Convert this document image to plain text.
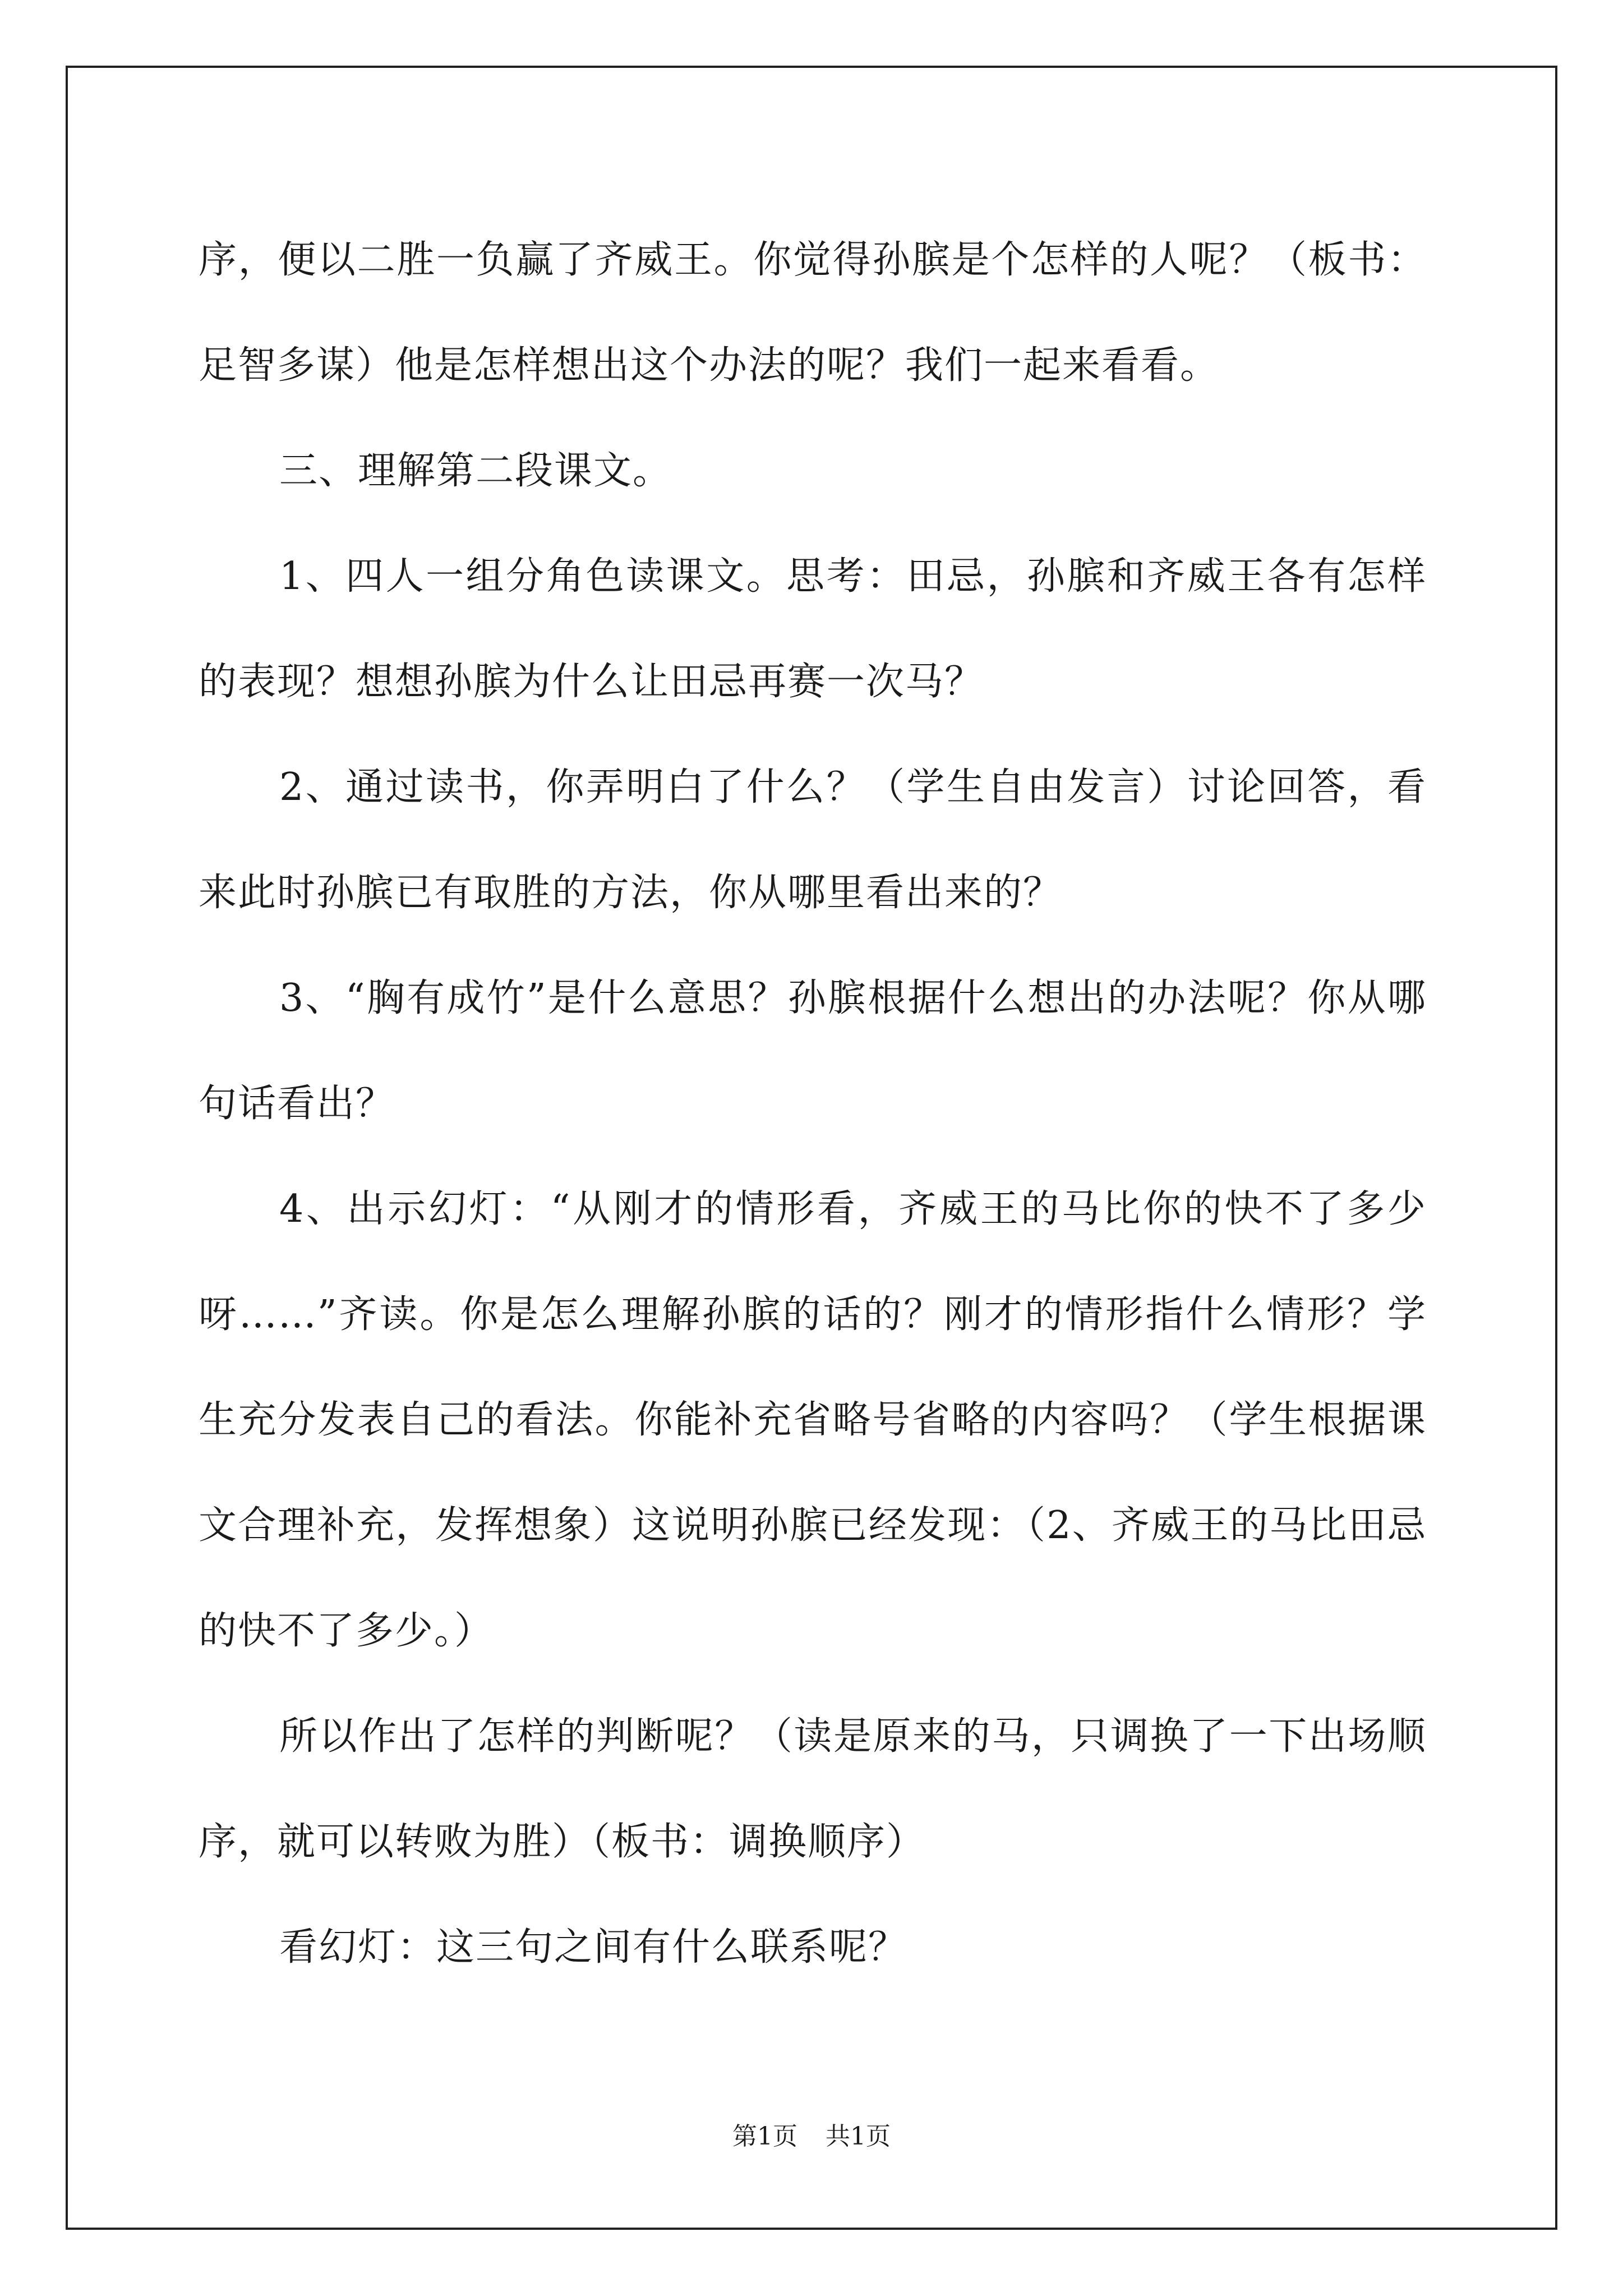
序，便以二胜一负赢了齐威王。你觉得孙膑是个怎样的人呢？（板书：足智多谋）他是怎样想出这个办法的呢？我们一起来看看。

三、理解第二段课文。

1、四人一组分角色读课文。思考：田忌，孙膑和齐威王各有怎样的表现？想想孙膑为什么让田忌再赛一次马？

2、通过读书，你弄明白了什么？（学生自由发言）讨论回答，看来此时孙膑已有取胜的方法，你从哪里看出来的？

3、“胸有成竹”是什么意思？孙膑根据什么想出的办法呢？你从哪句话看出？

4、出示幻灯：“从刚才的情形看，齐威王的马比你的快不了多少呀……”齐读。你是怎么理解孙膑的话的？刚才的情形指什么情形？学生充分发表自己的看法。你能补充省略号省略的内容吗？（学生根据课文合理补充，发挥想象）这说明孙膑已经发现：（2、齐威王的马比田忌的快不了多少。）

所以作出了怎样的判断呢？（读是原来的马，只调换了一下出场顺序，就可以转败为胜）（板书：调换顺序）

看幻灯：这三句之间有什么联系呢？

第1页 共1页
